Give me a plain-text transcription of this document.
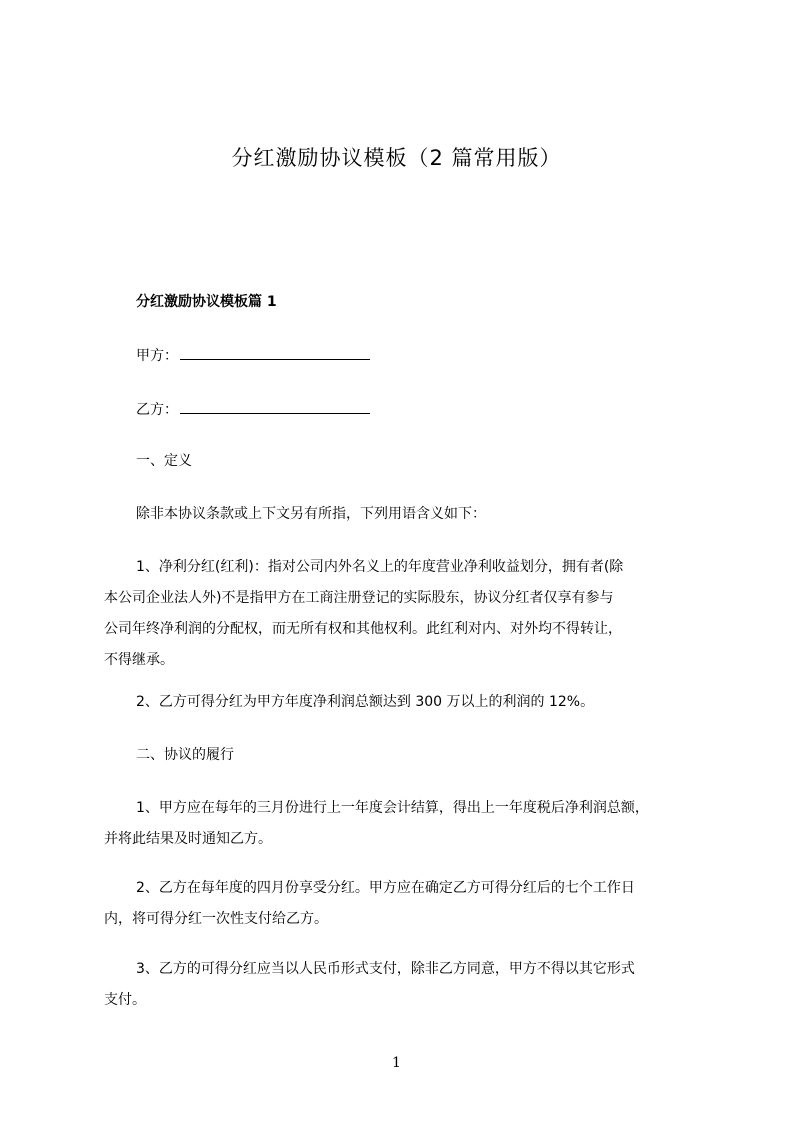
分红激励协议模板（2 篇常用版）
分红激励协议模板篇 1
甲方：
乙方：
一、定义
除非本协议条款或上下文另有所指，下列用语含义如下：
1、净利分红(红利)：指对公司内外名义上的年度营业净利收益划分，拥有者(除
本公司企业法人外)不是指甲方在工商注册登记的实际股东，协议分红者仅享有参与
公司年终净利润的分配权，而无所有权和其他权利。此红利对内、对外均不得转让，
不得继承。
2、乙方可得分红为甲方年度净利润总额达到 300 万以上的利润的 12%。
二、协议的履行
1、甲方应在每年的三月份进行上一年度会计结算，得出上一年度税后净利润总额，
并将此结果及时通知乙方。
2、乙方在每年度的四月份享受分红。甲方应在确定乙方可得分红后的七个工作日
内，将可得分红一次性支付给乙方。
3、乙方的可得分红应当以人民币形式支付，除非乙方同意，甲方不得以其它形式
支付。
1
